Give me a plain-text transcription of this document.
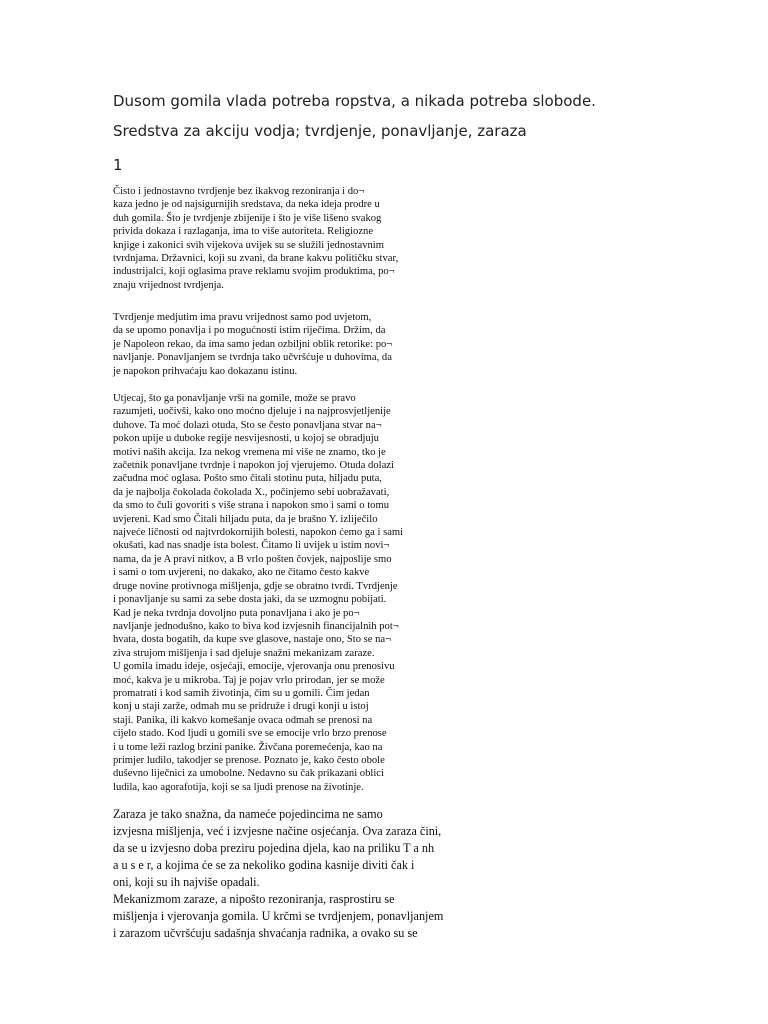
Dusom gomila vlada potreba ropstva, a nikada potreba slobode.
Sredstva za akciju vodja; tvrdjenje, ponavljanje, zaraza
1
Čisto i jednostavno tvrdjenje bez ikakvog rezoniranja i do¬
kaza jedno je od najsigurnijih sredstava, da neka ideja prodre u
duh gomila. Što je tvrdjenje zbijenije i što je više lišeno svakog
privida dokaza i razlaganja, ima to više autoriteta. Religiozne
knjige i zakonici svih vijekova uvijek su se služili jednostavnim
tvrdnjama. Državnici, koji su zvani, da brane kakvu političku stvar,
industrijalci, koji oglasima prave reklamu svojim produktima, po¬
znaju vrijednost tvrdjenja.
Tvrdjenje medjutim ima pravu vrijednost samo pod uvjetom,
da se upomo ponavlja i po mogućnosti istim riječima. Držim, da
je Napoleon rekao, da ima samo jedan ozbiljni oblik retorike: po¬
navljanje. Ponavljanjem se tvrdnja tako učvršćuje u duhovima, da
je napokon prihvaćaju kao dokazanu istinu.
Utjecaj, što ga ponavljanje vrši na gomile, može se pravo
razumjeti, uočivši, kako ono moćno djeluje i na najprosvjetljenije
duhove. Ta moć dolazi otuda, Sto se često ponavljana stvar na¬
pokon upije u duboke regije nesvijesnosti, u kojoj se obradjuju
motivi naših akcija. Iza nekog vremena mi više ne znamo, tko je
začetnik ponavljane tvrdnje i napokon joj vjerujemo. Otuda dolazi
začudna moć oglasa. Pošto smo čitali stotinu puta, hiljadu puta,
da je najbolja čokolada čokolada X., počinjemo sebi uobražavati,
da smo to čuli govoriti s više strana i napokon smo i sami o tomu
uvjereni. Kad smo Čitali hiljadu puta, da je brašno Y. izliječilo
najveće ličnosti od najtvrdokornijih bolesti, napokon ćemo ga i sami
okušati, kad nas snadje ista bolest. Čitamo li uvijek u istim novi¬
nama, da je A pravi nitkov, a B vrlo pošten čovjek, najposlije smo
i sami o tom uvjereni, no dakako, ako ne čitamo često kakve
druge novine protivnoga mišljenja, gdje se obratno tvrdi. Tvrdjenje
i ponavljanje su sami za sebe dosta jaki, da se uzmognu pobijati.
Kad je neka tvrdnja dovoljno puta ponavljana i ako je po¬
navljanje jednodušno, kako to biva kod izvjesnih financijalnih pot¬
hvata, dosta bogatih, da kupe sve glasove, nastaje ono, Sto se na¬
ziva strujom mišljenja i sad djeluje snažni mekanizam zaraze.
U gomila imadu ideje, osjećaji, emocije, vjerovanja onu prenosivu
moć, kakva je u mikroba. Taj je pojav vrlo prirodan, jer se može
promatrati i kod samih životinja, čim su u gomili. Čim jedan
konj u staji zarže, odmah mu se pridruže i drugi konji u istoj
staji. Panika, ili kakvo komešanje ovaca odmah se prenosi na
cijelo stado. Kod ljudi u gomili sve se emocije vrlo brzo prenose
i u tome leži razlog brzini panike. Živčana poremećenja, kao na
primjer ludilo, takodjer se prenose. Poznato je, kako često obole
duševno liječnici za umobolne. Nedavno su čak prikazani oblici
ludila, kao agorafotija, koji se sa ljudi prenose na životinje.
Zaraza je tako snažna, da nameće pojedincima ne samo
izvjesna mišljenja, već i izvjesne načine osjećanja. Ova zaraza čini,
da se u izvjesno doba preziru pojedina djela, kao na priliku T a nh
a u s e r, a kojima će se za nekoliko godina kasnije diviti čak i
oni, koji su ih najviše opadali.
Mekanizmom zaraze, a nipošto rezoniranja, rasprostiru se
mišljenja i vjerovanja gomila. U krčmi se tvrdjenjem, ponavljanjem
i zarazom učvršćuju sadašnja shvaćanja radnika, a ovako su se
